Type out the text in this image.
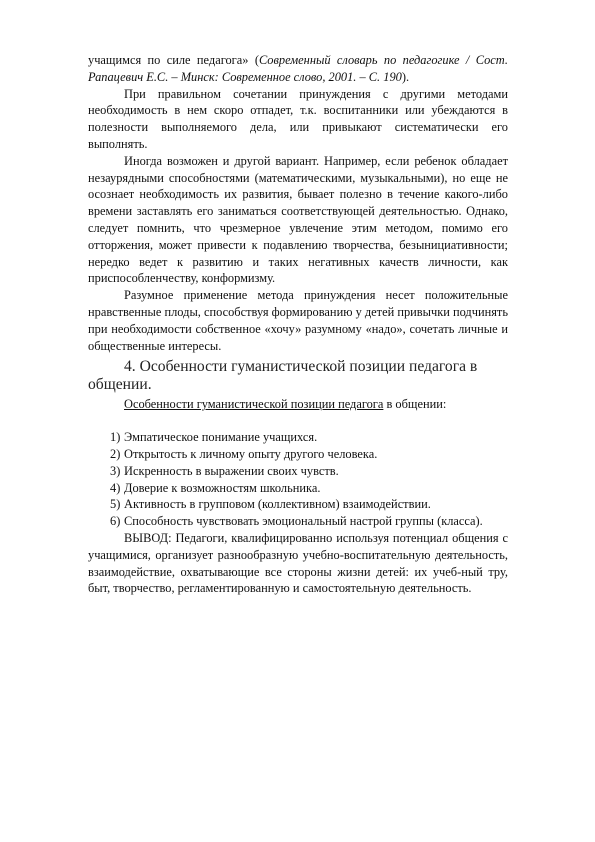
учащимся по силе педагога» (Современный словарь по педагогике / Сост. Рапацевич Е.С. – Минск: Современное слово, 2001. – С. 190).

При правильном сочетании принуждения с другими методами необходимость в нем скоро отпадет, т.к. воспитанники или убеждаются в полезности выполняемого дела, или привыкают систематически его выполнять.

Иногда возможен и другой вариант. Например, если ребенок обладает незаурядными способностями (математическими, музыкальными), но еще не осознает необходимость их развития, бывает полезно в течение какого-либо времени заставлять его заниматься соответствующей деятельностью. Однако, следует помнить, что чрезмерное увлечение этим методом, помимо его отторжения, может привести к подавлению творчества, безынициативности; нередко ведет к развитию и таких негативных качеств личности, как приспособленчеству, конформизму.

Разумное применение метода принуждения несет положительные нравственные плоды, способствуя формированию у детей привычки подчинять при необходимости собственное «хочу» разумному «надо», сочетать личные и общественные интересы.

4. Особенности гуманистической позиции педагога в общении.

Особенности гуманистической позиции педагога в общении:

1) Эмпатическое понимание учащихся.
2) Открытость к личному опыту другого человека.
3) Искренность в выражении своих чувств.
4) Доверие к возможностям школьника.
5) Активность в групповом (коллективном) взаимодействии.
6) Способность чувствовать эмоциональный настрой группы (класса).

ВЫВОД: Педагоги, квалифицированно используя потенциал общения с учащимися, организует разнообразную учебно-воспитательную деятельность, взаимодействие, охватывающие все стороны жизни детей: их учеб-ный тру, быт, творчество, регламентированную и самостоятельную деятельность.
